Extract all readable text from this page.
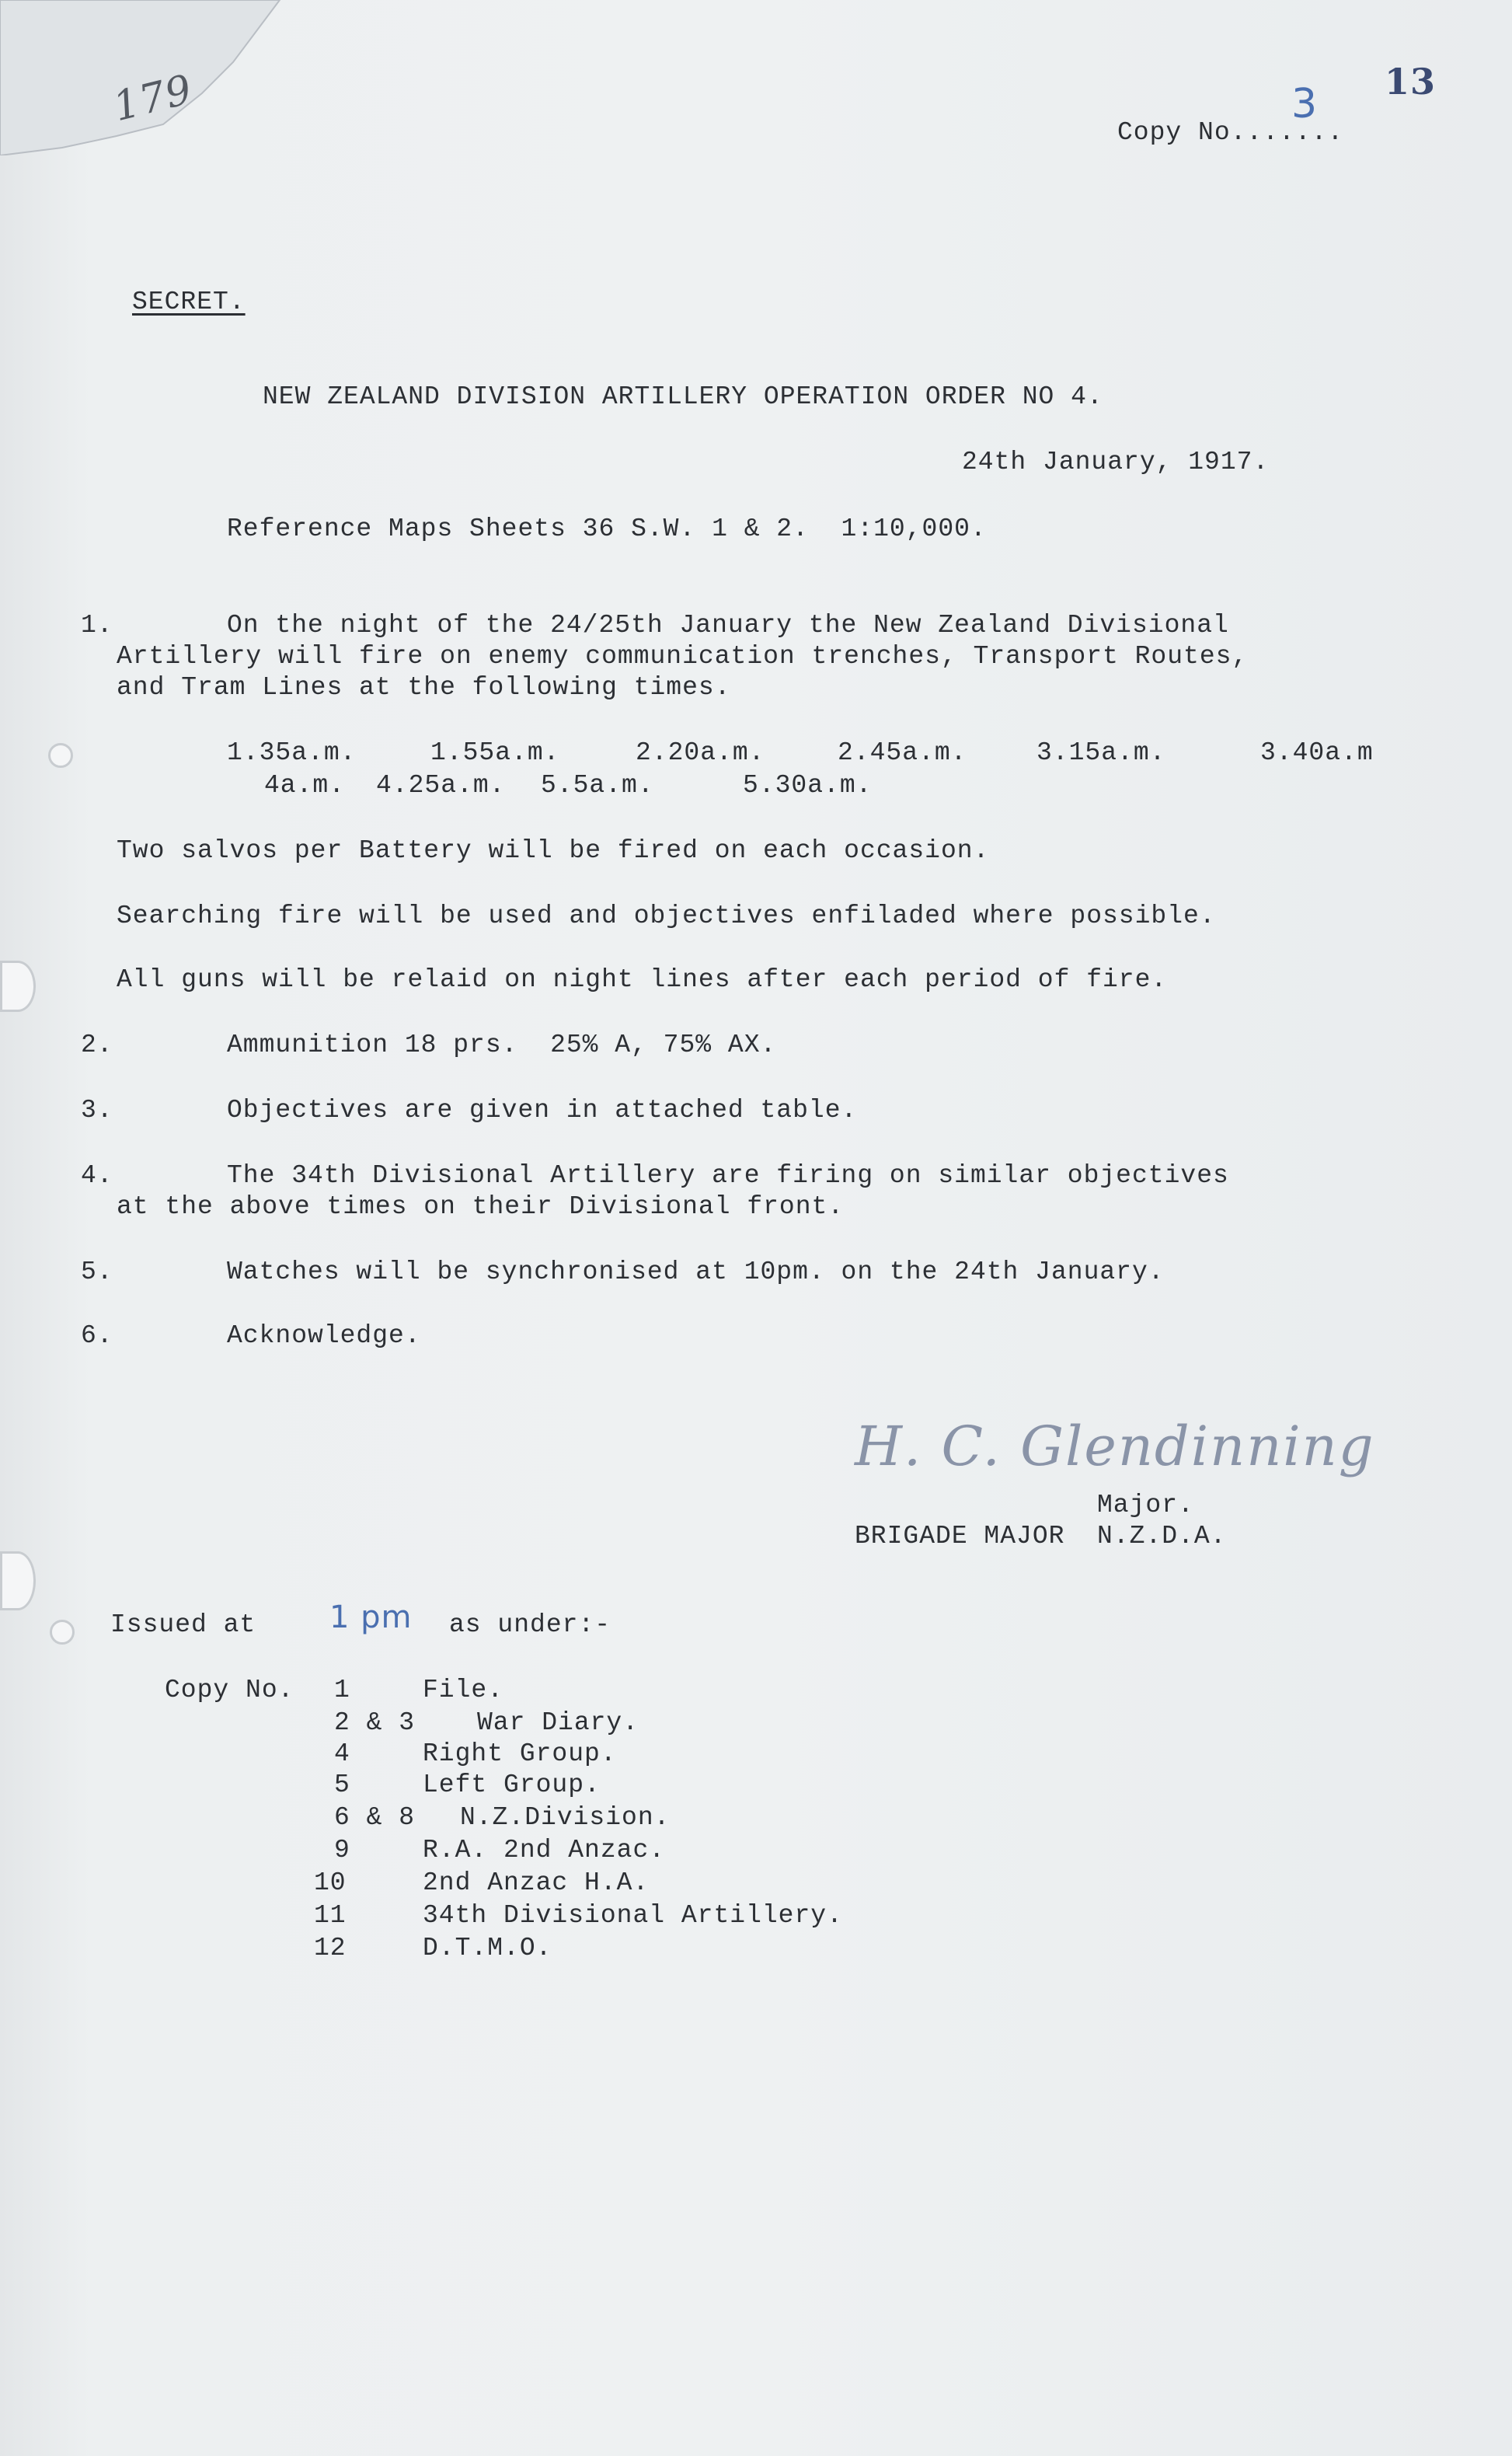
179	13
Copy No.......
3
SECRET.
NEW ZEALAND DIVISION ARTILLERY OPERATION ORDER NO 4.
24th January, 1917.
Reference Maps Sheets 36 S.W. 1 & 2.  1:10,000.
1.	On the night of the 24/25th January the New Zealand Divisional
Artillery will fire on enemy communication trenches, Transport Routes,
and Tram Lines at the following times.
1.35a.m.	1.55a.m.	2.20a.m.	2.45a.m.	3.15a.m.	3.40a.m
4a.m. 4.25a.m. 5.5a.m.	5.30a.m.
Two salvos per Battery will be fired on each occasion.
Searching fire will be used and objectives enfiladed where possible.
All guns will be relaid on night lines after each period of fire.
2.	Ammunition 18 prs.  25% A, 75% AX.
3.	Objectives are given in attached table.
4.	The 34th Divisional Artillery are firing on similar objectives
at the above times on their Divisional front.
5.	Watches will be synchronised at 10pm. on the 24th January.
6.	Acknowledge.
H. C. Glendinning
Major.
BRIGADE MAJOR  N.Z.D.A.
Issued at	as under:-
1 pm
Copy No. 1	File.
2 & 3 War Diary.
4	Right Group.
5	Left Group.
6 & 8 N.Z.Division.
9	R.A. 2nd Anzac.
10	2nd Anzac H.A.
11	34th Divisional Artillery.
12	D.T.M.O.
